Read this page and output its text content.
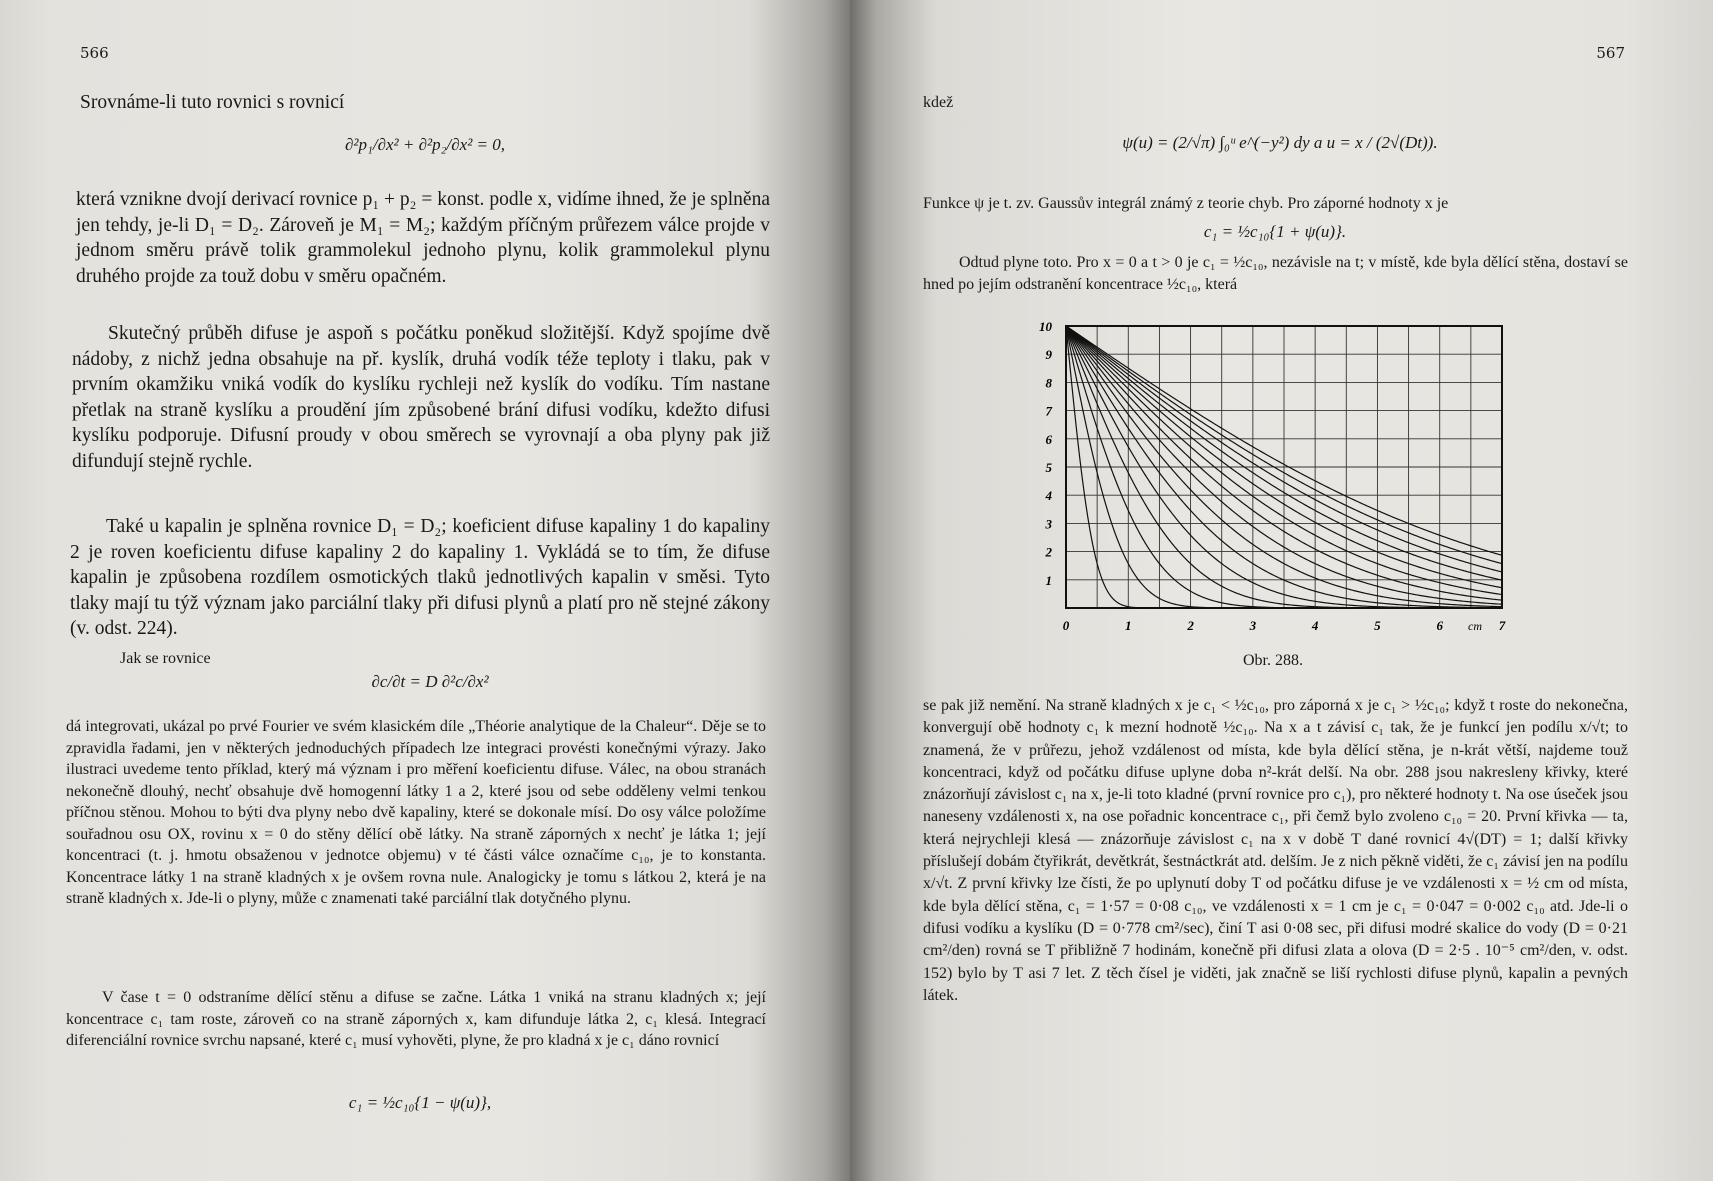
566
Srovnáme-li tuto rovnici s rovnicí
∂²p₁/∂x² + ∂²p₂/∂x² = 0,
která vznikne dvojí derivací rovnice p₁ + p₂ = konst. podle x, vidíme ihned, že je splněna jen tehdy, je-li D₁ = D₂. Zároveň je M₁ = M₂; každým příčným průřezem válce projde v jednom směru právě tolik grammolekul jednoho plynu, kolik grammolekul plynu druhého projde za touž dobu v směru opačném.
Skutečný průběh difuse je aspoň s počátku poněkud složitější. Když spojíme dvě nádoby, z nichž jedna obsahuje na př. kyslík, druhá vodík téže teploty i tlaku, pak v prvním okamžiku vniká vodík do kyslíku rychleji než kyslík do vodíku. Tím nastane přetlak na straně kyslíku a proudění jím způsobené brání difusi vodíku, kdežto difusi kyslíku podporuje. Difusní proudy v obou směrech se vyrovnají a oba plyny pak již difundují stejně rychle.
Také u kapalin je splněna rovnice D₁ = D₂; koeficient difuse kapaliny 1 do kapaliny 2 je roven koeficientu difuse kapaliny 2 do kapaliny 1. Vykládá se to tím, že difuse kapalin je způsobena rozdílem osmotických tlaků jednotlivých kapalin v směsi. Tyto tlaky mají tu týž význam jako parciální tlaky při difusi plynů a platí pro ně stejné zákony (v. odst. 224).
Jak se rovnice
∂c/∂t = D ∂²c/∂x²
dá integrovati, ukázal po prvé Fourier ve svém klasickém díle „Théorie analytique de la Chaleur“. Děje se to zpravidla řadami, jen v některých jednoduchých případech lze integraci provésti konečnými výrazy. Jako ilustraci uvedeme tento příklad, který má význam i pro měření koeficientu difuse. Válec, na obou stranách nekonečně dlouhý, nechť obsahuje dvě homogenní látky 1 a 2, které jsou od sebe odděleny velmi tenkou příčnou stěnou. Mohou to býti dva plyny nebo dvě kapaliny, které se dokonale mísí. Do osy válce položíme souřadnou osu OX, rovinu x = 0 do stěny dělící obě látky. Na straně záporných x nechť je látka 1; její koncentraci (t. j. hmotu obsaženou v jednotce objemu) v té části válce označíme c₁₀, je to konstanta. Koncentrace látky 1 na straně kladných x je ovšem rovna nule. Analogicky je tomu s látkou 2, která je na straně kladných x. Jde-li o plyny, může c znamenati také parciální tlak dotyčného plynu.
V čase t = 0 odstraníme dělící stěnu a difuse se začne. Látka 1 vniká na stranu kladných x; její koncentrace c₁ tam roste, zároveň co na straně záporných x, kam difunduje látka 2, c₁ klesá. Integrací diferenciální rovnice svrchu napsané, které c₁ musí vyhověti, plyne, že pro kladná x je c₁ dáno rovnicí
c₁ = ½c₁₀{1 − ψ(u)},
567
kdež
ψ(u) = (2/√π) ∫₀ᵘ e^(−y²) dy a u = x / (2√(Dt)).
Funkce ψ je t. zv. Gaussův integrál známý z teorie chyb. Pro záporné hodnoty x je
c₁ = ½c₁₀{1 + ψ(u)}.
Odtud plyne toto. Pro x = 0 a t > 0 je c₁ = ½c₁₀, nezávisle na t; v místě, kde byla dělící stěna, dostaví se hned po jejím odstranění koncentrace ½c₁₀, která
se pak již nemění. Na straně kladných x je c₁ < ½c₁₀, pro záporná x je c₁ > ½c₁₀; když t roste do nekonečna, konvergují obě hodnoty c₁ k mezní hodnotě ½c₁₀. Na x a t závisí c₁ tak, že je funkcí jen podílu x/√t; to znamená, že v průřezu, jehož vzdálenost od místa, kde byla dělící stěna, je n-krát větší, najdeme touž koncentraci, když od počátku difuse uplyne doba n²-krát delší. Na obr. 288 jsou nakresleny křivky, které znázorňují závislost c₁ na x, je-li toto kladné (první rovnice pro c₁), pro některé hodnoty t. Na ose úseček jsou naneseny vzdálenosti x, na ose pořadnic koncentrace c₁, při čemž bylo zvoleno c₁₀ = 20. První křivka — ta, která nejrychleji klesá — znázorňuje závislost c₁ na x v době T dané rovnicí 4√(DT) = 1; další křivky příslušejí dobám čtyřikrát, devětkrát, šestnáctkrát atd. delším. Je z nich pěkně viděti, že c₁ závisí jen na podílu x/√t. Z první křivky lze čísti, že po uplynutí doby T od počátku difuse je ve vzdálenosti x = ½ cm od místa, kde byla dělící stěna, c₁ = 1·57 = 0·08 c₁₀, ve vzdálenosti x = 1 cm je c₁ = 0·047 = 0·002 c₁₀ atd. Jde-li o difusi vodíku a kyslíku (D = 0·778 cm²/sec), činí T asi 0·08 sec, při difusi modré skalice do vody (D = 0·21 cm²/den) rovná se T přibližně 7 hodinám, konečně při difusi zlata a olova (D = 2·5 . 10⁻⁵ cm²/den, v. odst. 152) bylo by T asi 7 let. Z těch čísel je viděti, jak značně se liší rychlosti difuse plynů, kapalin a pevných látek.
1
2
3
4
5
6
7
8
9
10
0	1	2	3	4	5	6	7
cm
Obr. 288.
